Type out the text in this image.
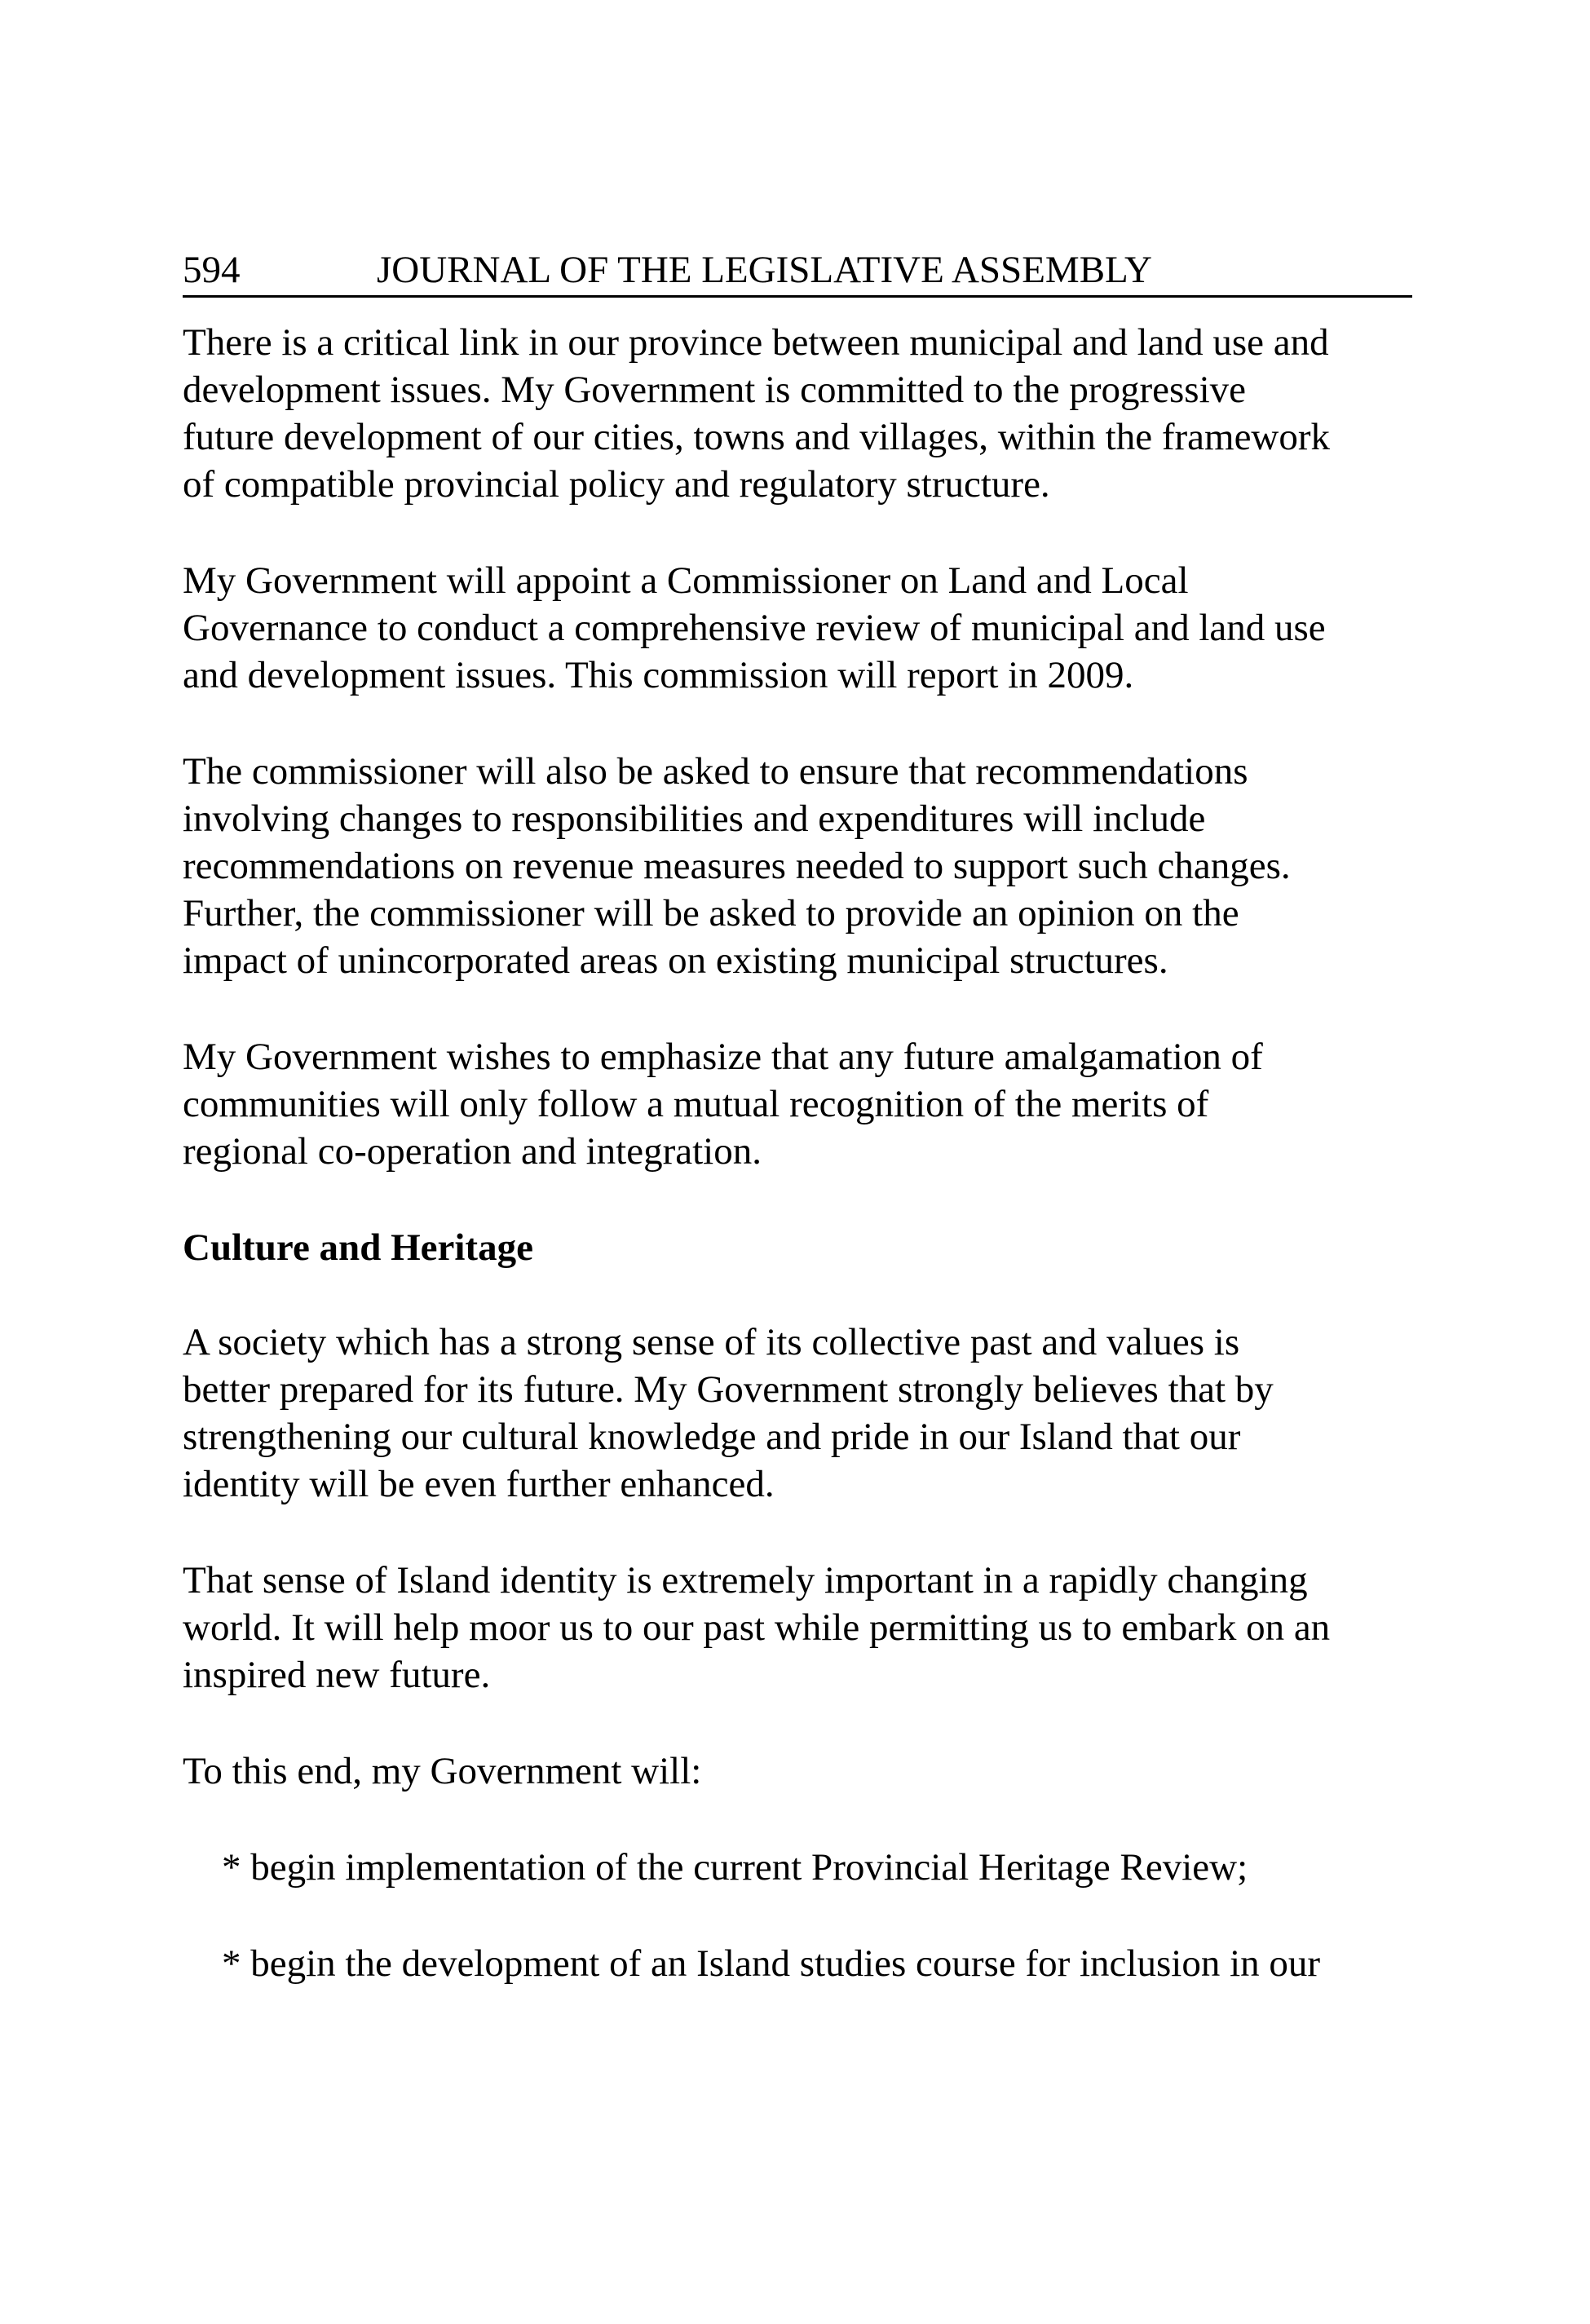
594	JOURNAL OF THE LEGISLATIVE ASSEMBLY

There is a critical link in our province between municipal and land use and
development issues. My Government is committed to the progressive
future development of our cities, towns and villages, within the framework
of compatible provincial policy and regulatory structure.

My Government will appoint a Commissioner on Land and Local
Governance to conduct a comprehensive review of municipal and land use
and development issues. This commission will report in 2009.

The commissioner will also be asked to ensure that recommendations
involving changes to responsibilities and expenditures will include
recommendations on revenue measures needed to support such changes.
Further, the commissioner will be asked to provide an opinion on the
impact of unincorporated areas on existing municipal structures.

My Government wishes to emphasize that any future amalgamation of
communities will only follow a mutual recognition of the merits of
regional co-operation and integration.

Culture and Heritage

A society which has a strong sense of its collective past and values is
better prepared for its future. My Government strongly believes that by
strengthening our cultural knowledge and pride in our Island that our
identity will be even further enhanced.

That sense of Island identity is extremely important in a rapidly changing
world. It will help moor us to our past while permitting us to embark on an
inspired new future.

To this end, my Government will:

* begin implementation of the current Provincial Heritage Review;
* begin the development of an Island studies course for inclusion in our
